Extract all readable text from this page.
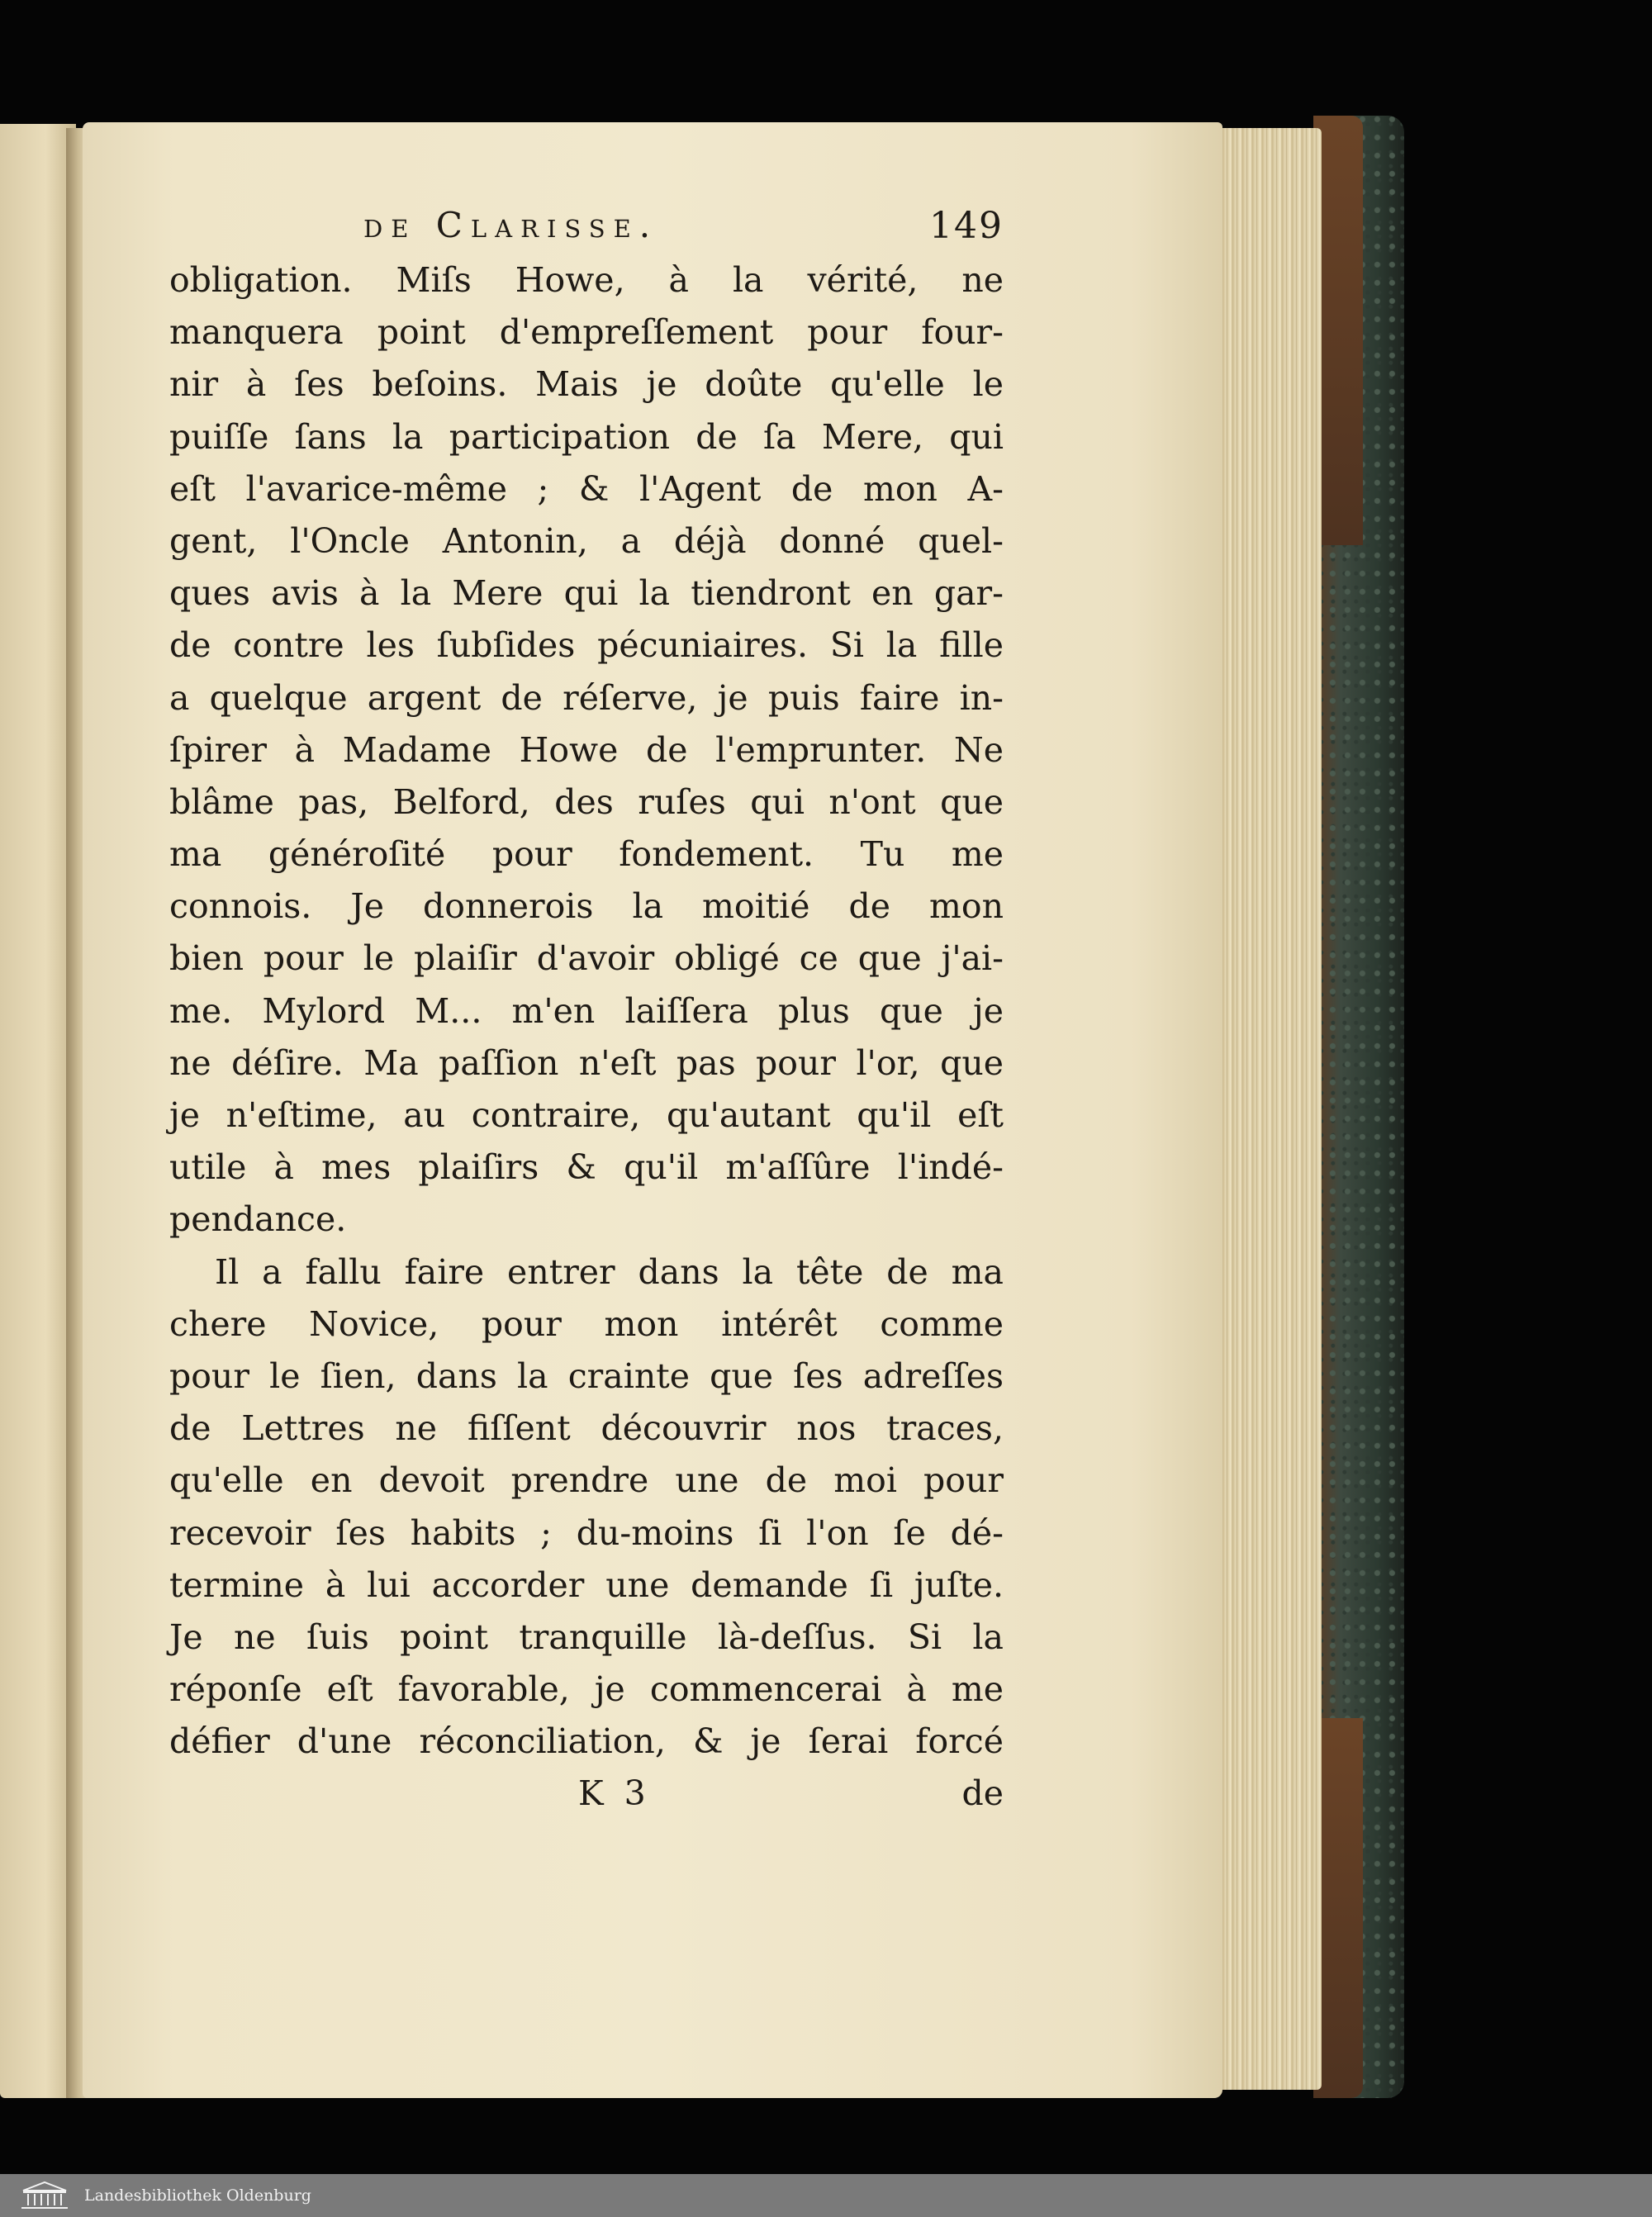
de Clarisse.	149
obligation. Miſs Howe, à la vérité, ne
manquera point d'empreſſement pour four-
nir à ſes beſoins. Mais je doûte qu'elle le
puiſſe ſans la participation de ſa Mere, qui
eſt l'avarice-même ; & l'Agent de mon A-
gent, l'Oncle Antonin, a déjà donné quel-
ques avis à la Mere qui la tiendront en gar-
de contre les ſubſides pécuniaires. Si la fille
a quelque argent de réſerve, je puis faire in-
ſpirer à Madame Howe de l'emprunter. Ne
blâme pas, Belford, des ruſes qui n'ont que
ma généroſité pour fondement. Tu me
connois. Je donnerois la moitié de mon
bien pour le plaiſir d'avoir obligé ce que j'ai-
me. Mylord M... m'en laiſſera plus que je
ne déſire. Ma paſſion n'eſt pas pour l'or, que
je n'eſtime, au contraire, qu'autant qu'il eſt
utile à mes plaiſirs & qu'il m'aſſûre l'indé-
pendance.
Il a fallu faire entrer dans la tête de ma
chere Novice, pour mon intérêt comme
pour le ſien, dans la crainte que ſes adreſſes
de Lettres ne fiſſent découvrir nos traces,
qu'elle en devoit prendre une de moi pour
recevoir ſes habits ; du-moins ſi l'on ſe dé-
termine à lui accorder une demande ſi juſte.
Je ne ſuis point tranquille là-deſſus. Si la
réponſe eſt favorable, je commencerai à me
défier d'une réconciliation, & je ſerai forcé
K 3	de
Landesbibliothek Oldenburg
